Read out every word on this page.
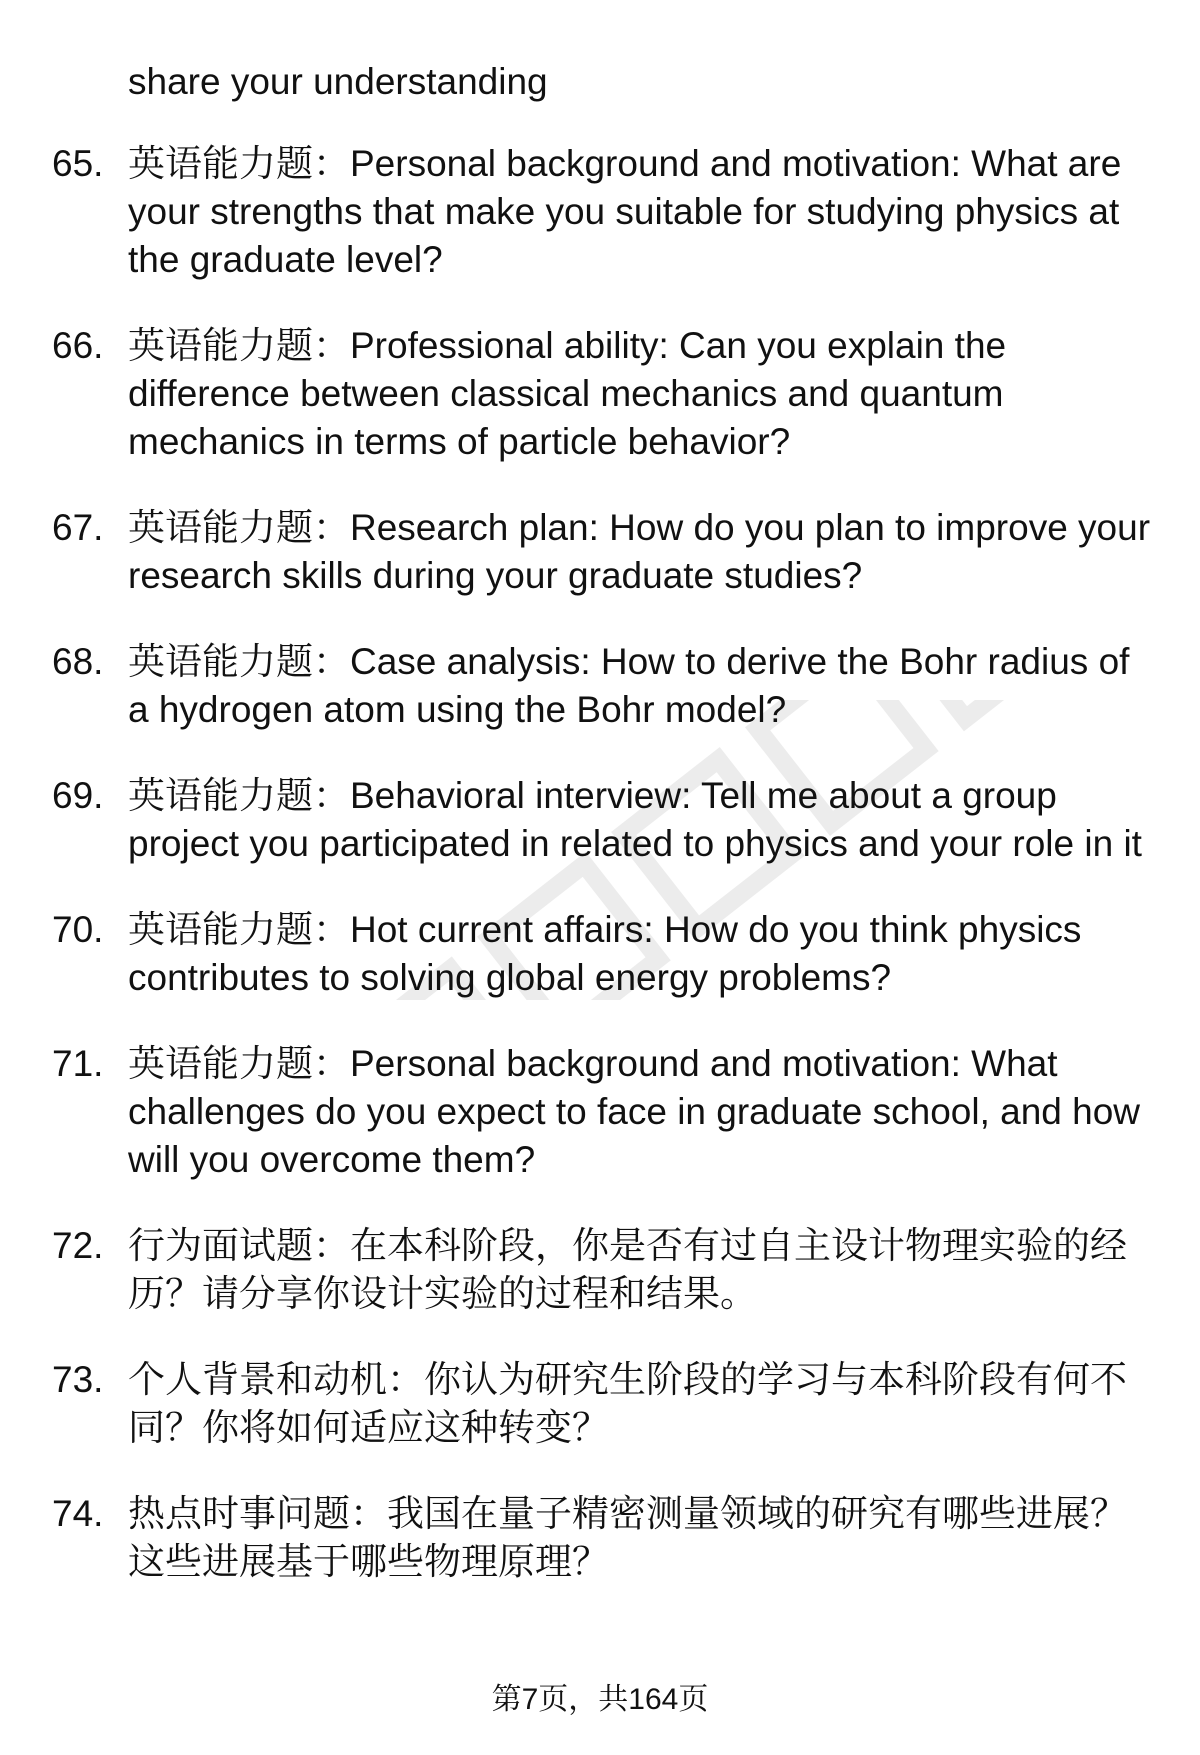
share your understanding

65. 英语能力题：Personal background and motivation: What are your strengths that make you suitable for studying physics at the graduate level?
66. 英语能力题：Professional ability: Can you explain the difference between classical mechanics and quantum mechanics in terms of particle behavior?
67. 英语能力题：Research plan: How do you plan to improve your research skills during your graduate studies?
68. 英语能力题：Case analysis: How to derive the Bohr radius of a hydrogen atom using the Bohr model?
69. 英语能力题：Behavioral interview: Tell me about a group project you participated in related to physics and your role in it
70. 英语能力题：Hot current affairs: How do you think physics contributes to solving global energy problems?
71. 英语能力题：Personal background and motivation: What challenges do you expect to face in graduate school, and how will you overcome them?
72. 行为面试题：在本科阶段，你是否有过自主设计物理实验的经历？请分享你设计实验的过程和结果。
73. 个人背景和动机：你认为研究生阶段的学习与本科阶段有何不同？你将如何适应这种转变？
74. 热点时事问题：我国在量子精密测量领域的研究有哪些进展？这些进展基于哪些物理原理？
第7页，共164页
